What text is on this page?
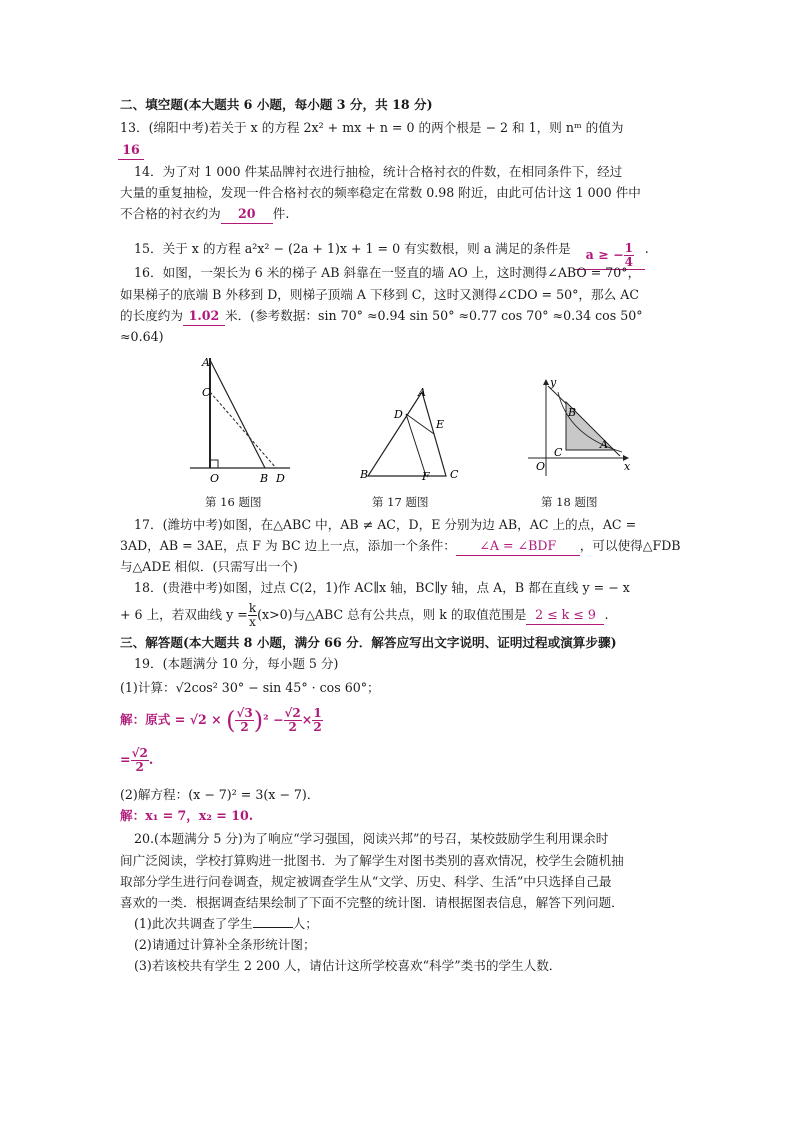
二、填空题(本大题共 6 小题，每小题 3 分，共 18 分)
13．(绵阳中考)若关于 x 的方程 2x² + mx + n = 0 的两个根是 − 2 和 1，则 nᵐ 的值为
16
14．为了对 1 000 件某品牌衬衣进行抽检，统计合格衬衣的件数，在相同条件下，经过
大量的重复抽检，发现一件合格衬衣的频率稳定在常数 0.98 附近，由此可估计这 1 000 件中
不合格的衬衣约为 20 件.
15．关于 x 的方程 a²x² − (2a + 1)x + 1 = 0 有实数根，则 a 满足的条件是 a ≥ − $\frac{1}{4}$ .
16．如图，一架长为 6 米的梯子 AB 斜靠在一竖直的墙 AO 上，这时测得∠ABO = 70°，
如果梯子的底端 B 外移到 D，则梯子顶端 A 下移到 C，这时又测得∠CDO = 50°，那么 AC
的长度约为 1.02 米．(参考数据：sin 70° ≈0.94 sin 50° ≈0.77 cos 70° ≈0.34 cos 50°
≈0.64)
A
C
O	B D
A
D
E
B	F C
y
B
C
A
O	x
第 16 题图	第 17 题图	第 18 题图
17．(潍坊中考)如图，在△ABC 中，AB ≠ AC，D，E 分别为边 AB，AC 上的点，AC =
3AD，AB = 3AE，点 F 为 BC 边上一点，添加一个条件： ∠A = ∠BDF ，可以使得△FDB
与△ADE 相似．(只需写出一个)
18．(贵港中考)如图，过点 C(2，1)作 AC∥x 轴，BC∥y 轴，点 A，B 都在直线 y = − x
+ 6 上，若双曲线 $y = \frac{k}{x} (x>0)$与△ABC 总有公共点，则 k 的取值范围是 2 ≤ k ≤ 9 .
三、解答题(本大题共 8 小题，满分 66 分．解答应写出文字说明、证明过程或演算步骤)
19．(本题满分 10 分，每小题 5 分)
(1)计算：√2cos² 30° − sin 45° · cos 60°；
解：原式 = √2 × ( $\frac{√3}{2} )^2 - \frac{√2}{2} \times \frac{1}{2}$
= $\frac{√2}{2}$ .
(2)解方程：(x − 7)² = 3(x − 7)．
解：x₁ = 7，x₂ = 10.
20.(本题满分 5 分)为了响应“学习强国，阅读兴邦”的号召，某校鼓励学生利用课余时
间广泛阅读，学校打算购进一批图书．为了解学生对图书类别的喜欢情况，校学生会随机抽
取部分学生进行问卷调查，规定被调查学生从“文学、历史、科学、生活”中只选择自己最
喜欢的一类．根据调查结果绘制了下面不完整的统计图．请根据图表信息，解答下列问题．
(1)此次共调查了学生	人；
(2)请通过计算补全条形统计图；
(3)若该校共有学生 2 200 人，请估计这所学校喜欢“科学”类书的学生人数．
